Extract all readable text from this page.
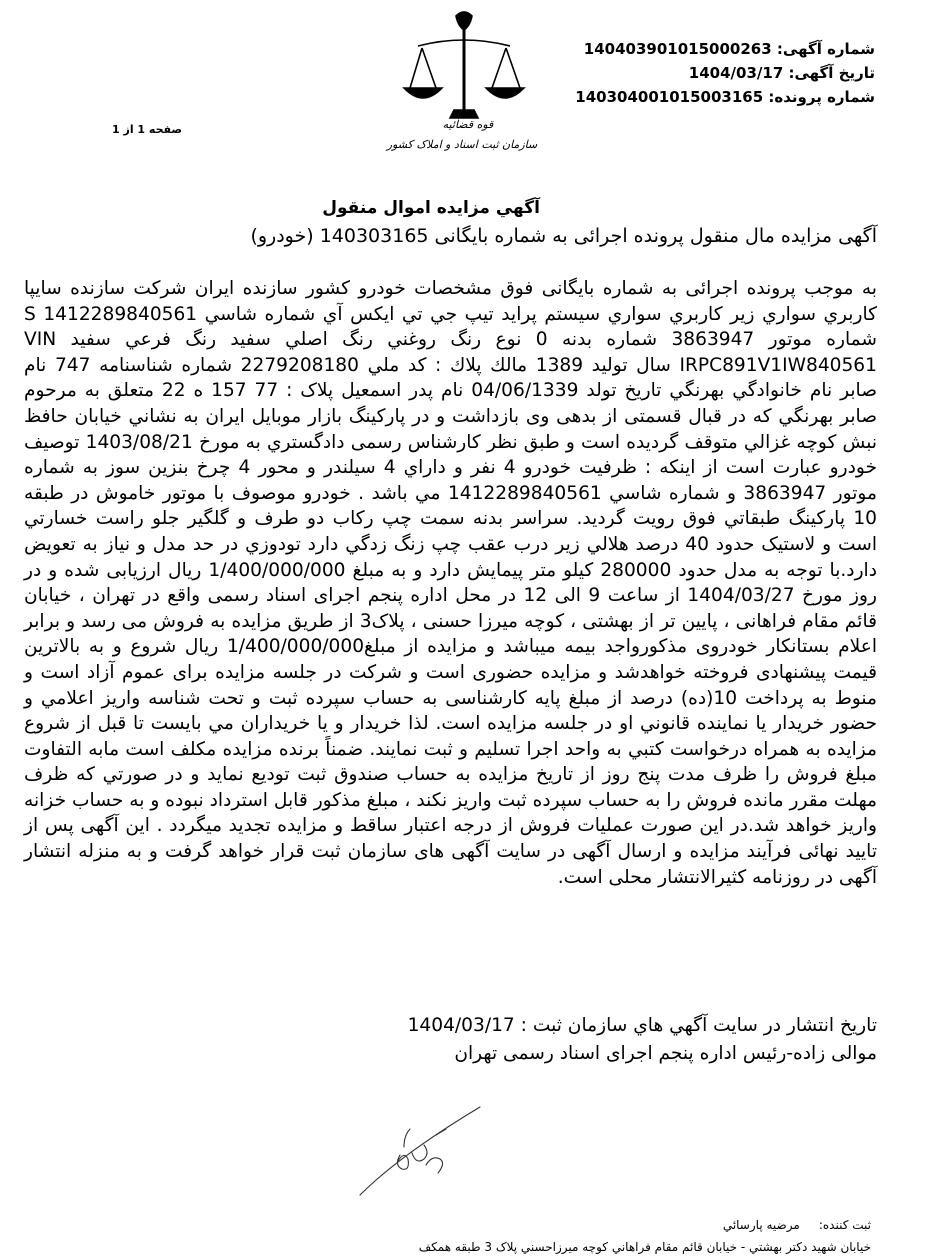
شماره آگهی: 140403901015000263
تاریخ آگهی: 1404/03/17
شماره پرونده: 140304001015003165
قوه قضائیه
سازمان ثبت اسناد و املاک کشور
صفحه 1 از 1
آگهي مزايده اموال منقول
آگهی مزایده مال منقول پرونده اجرائی به شماره بایگانی 140303165 (خودرو)

به موجب پرونده اجرائی به شماره بایگانی فوق مشخصات خودرو کشور سازنده ایران شرکت سازنده سایپا کاربري سواري زير کاربري سواري سيستم پرايد تيپ جي تي ايکس آي شماره شاسي S 1412289840561 شماره موتور 3863947 شماره بدنه 0 نوع رنگ روغني رنگ اصلي سفيد رنگ فرعي سفيد VIN IRPC891V1IW840561 سال توليد 1389 مالك پلاك : كد ملي 2279208180 شماره شناسنامه 747 نام صابر نام خانوادگي بهرنگي تاريخ تولد 04/06/1339 نام پدر اسمعيل پلاک : 77 157 ه 22 متعلق به مرحوم صابر بهرنگي که در قبال قسمتی از بدهی وی بازداشت و در پارکينگ بازار موبايل ايران به نشاني خيابان حافظ نبش کوچه غزالي متوقف گرديده است و طبق نظر کارشناس رسمی دادگستري به مورخ 1403/08/21 توصيف خودرو عبارت است از اينکه : ظرفيت خودرو 4 نفر و داراي 4 سيلندر و محور 4 چرخ بنزين سوز به شماره موتور 3863947 و شماره شاسي 1412289840561 مي باشد . خودرو موصوف با موتور خاموش در طبقه 10 پارکينگ طبقاتي فوق رويت گرديد. سراسر بدنه سمت چپ رکاب دو طرف و گلگير جلو راست خسارتي است و لاستيک حدود 40 درصد هلالي زير درب عقب چپ زنگ زدگي دارد تودوزي در حد مدل و نياز به تعويض دارد.با توجه به مدل حدود 280000 كيلو متر پيمايش دارد و به مبلغ 1/400/000/000 ريال ارزيابی شده و در روز مورخ 1404/03/27 از ساعت 9 الی 12 در محل اداره پنجم اجرای اسناد رسمی واقع در تهران ، خيابان قائم مقام فراهانی ، پايين تر از بهشتی ، کوچه ميرزا حسنی ، پلاک3 از طريق مزايده به فروش می رسد و برابر اعلام بستانکار خودروی مذکورواجد بیمه میباشد و مزايده از مبلغ1/400/000/000 ريال شروع و به بالاترين قيمت پيشنهادی فروخته خواهدشد و مزایده حضوری است و شرکت در جلسه مزایده برای عموم آزاد است و منوط به پرداخت 10(ده) درصد از مبلغ پایه کارشناسی به حساب سپرده ثبت و تحت شناسه واریز اعلامي و حضور خریدار یا نماینده قانوني او در جلسه مزایده است. لذا خریدار و یا خریداران مي بایست تا قبل از شروع مزایده به همراه درخواست کتبي به واحد اجرا تسلیم و ثبت نمایند. ضمناً برنده مزایده مکلف است مابه التفاوت مبلغ فروش را ظرف مدت پنج روز از تاریخ مزایده به حساب صندوق ثبت تودیع نماید و در صورتي که ظرف مهلت مقرر مانده فروش را به حساب سپرده ثبت واریز نکند ، مبلغ مذکور قابل استرداد نبوده و به حساب خزانه واریز خواهد شد.در این صورت عملیات فروش از درجه اعتبار ساقط و مزایده تجدید میگردد . این آگهی پس از تایید نهائی فرآیند مزایده و ارسال آگهی در سایت آگهی های سازمان ثبت قرار خواهد گرفت و به منزله انتشار آگهی در روزنامه کثیرالانتشار محلی است.

تاریخ انتشار در سایت آگهي هاي سازمان ثبت : 1404/03/17
موالی زاده-رئیس اداره پنجم اجرای اسناد رسمی تهران
ثبت کننده:     مرضیه پارسائي
خیابان شهید دکتر بهشتي - خیابان قائم مقام فراهاني کوچه میرزاحسني پلاک 3 طبقه همکف
